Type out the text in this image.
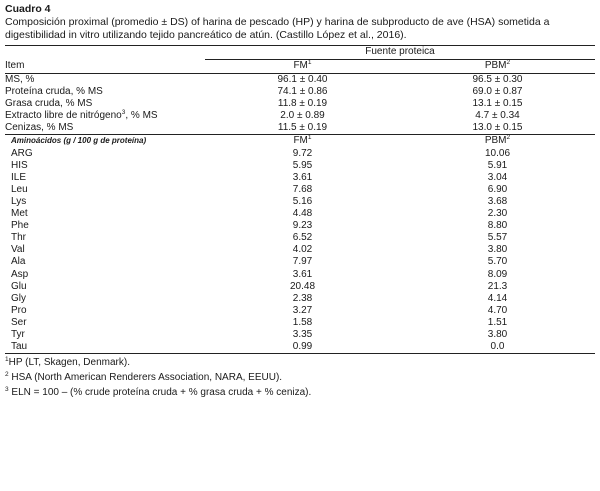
Cuadro 4
Composición proximal (promedio ± DS) of harina de pescado (HP) y harina de subproducto de ave (HSA) sometida a
digestibilidad in vitro utilizando tejido pancreático de atún. (Castillo López et al., 2016).
	Fuente proteica	
Item	$FM^1$	PBM$^2$
MS, %	96.1 ± 0.40	96.5 ± 0.30
Proteína cruda, % MS	74.1 ± 0.86	69.0 ± 0.87
Grasa cruda, % MS	11.8 ± 0.19	13.1 ± 0.15
Extracto libre de nitrógeno$^3$, % MS	2.0 ± 0.89	4.7 ± 0.34
Cenizas, % MS	11.5 ± 0.19	13.0 ± 0.15
Aminoácidos (g / 100 g de proteína)	$FM^1$	PBM$^2$
ARG	9.72	10.06
HIS	5.95	5.91
ILE	3.61	3.04
Leu	7.68	6.90
Lys	5.16	3.68
Met	4.48	2.30
Phe	9.23	8.80
Thr	6.52	5.57
Val	4.02	3.80
Ala	7.97	5.70
Asp	3.61	8.09
Glu	20.48	21.3
Gly	2.38	4.14
Pro	3.27	4.70
Ser	1.58	1.51
Tyr	3.35	3.80
Tau	0.99	0.0
$^1$HP (LT, Skagen, Denmark).
$^2$ HSA (North American Renderers Association, NARA, EEUU).
$^3$ ELN = 100 – (% crude proteína cruda + % grasa cruda + % ceniza).
